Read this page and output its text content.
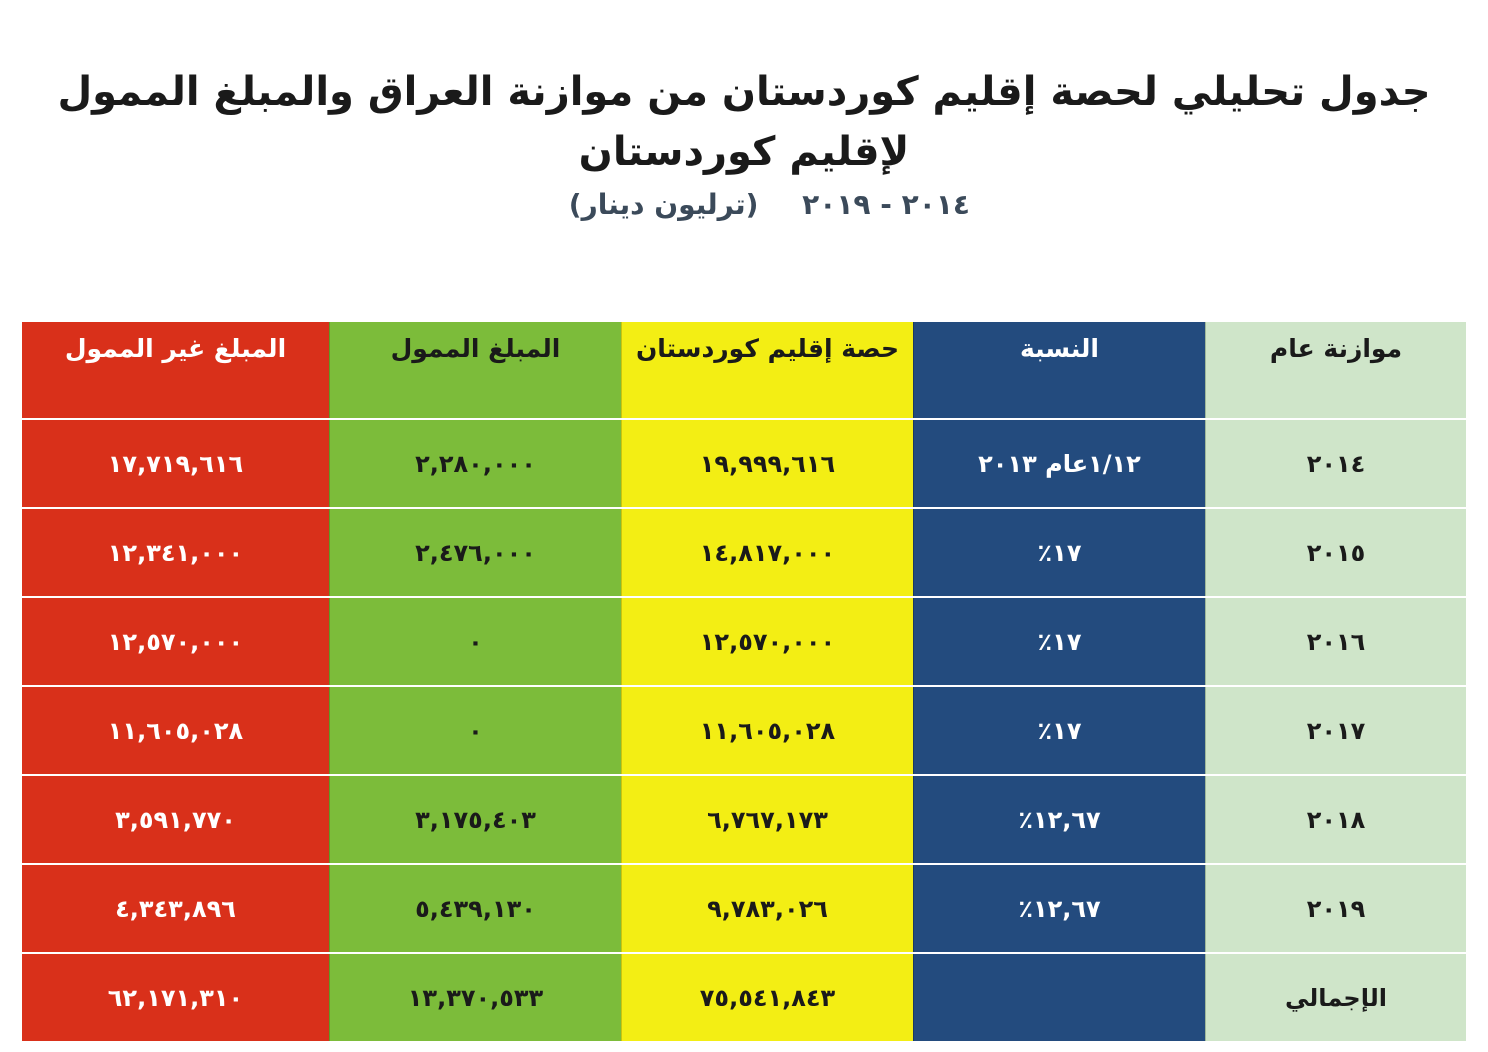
جدول تحليلي لحصة إقليم كوردستان من موازنة العراق والمبلغ الممول لإقليم كوردستان
٢٠١٤ - ٢٠١٩ (ترليون دينار)
موازنة عام	النسبة	حصة إقليم كوردستان	المبلغ الممول	المبلغ غير الممول
٢٠١٤	١/١٢عام ٢٠١٣	١٩,٩٩٩,٦١٦	٢,٢٨٠,٠٠٠	١٧,٧١٩,٦١٦
٢٠١٥	١٧٪	١٤,٨١٧,٠٠٠	٢,٤٧٦,٠٠٠	١٢,٣٤١,٠٠٠
٢٠١٦	١٧٪	١٢,٥٧٠,٠٠٠	٠	١٢,٥٧٠,٠٠٠
٢٠١٧	١٧٪	١١,٦٠٥,٠٢٨	٠	١١,٦٠٥,٠٢٨
٢٠١٨	١٢,٦٧٪	٦,٧٦٧,١٧٣	٣,١٧٥,٤٠٣	٣,٥٩١,٧٧٠
٢٠١٩	١٢,٦٧٪	٩,٧٨٣,٠٢٦	٥,٤٣٩,١٣٠	٤,٣٤٣,٨٩٦
الإجمالي		٧٥,٥٤١,٨٤٣	١٣,٣٧٠,٥٣٣	٦٢,١٧١,٣١٠
